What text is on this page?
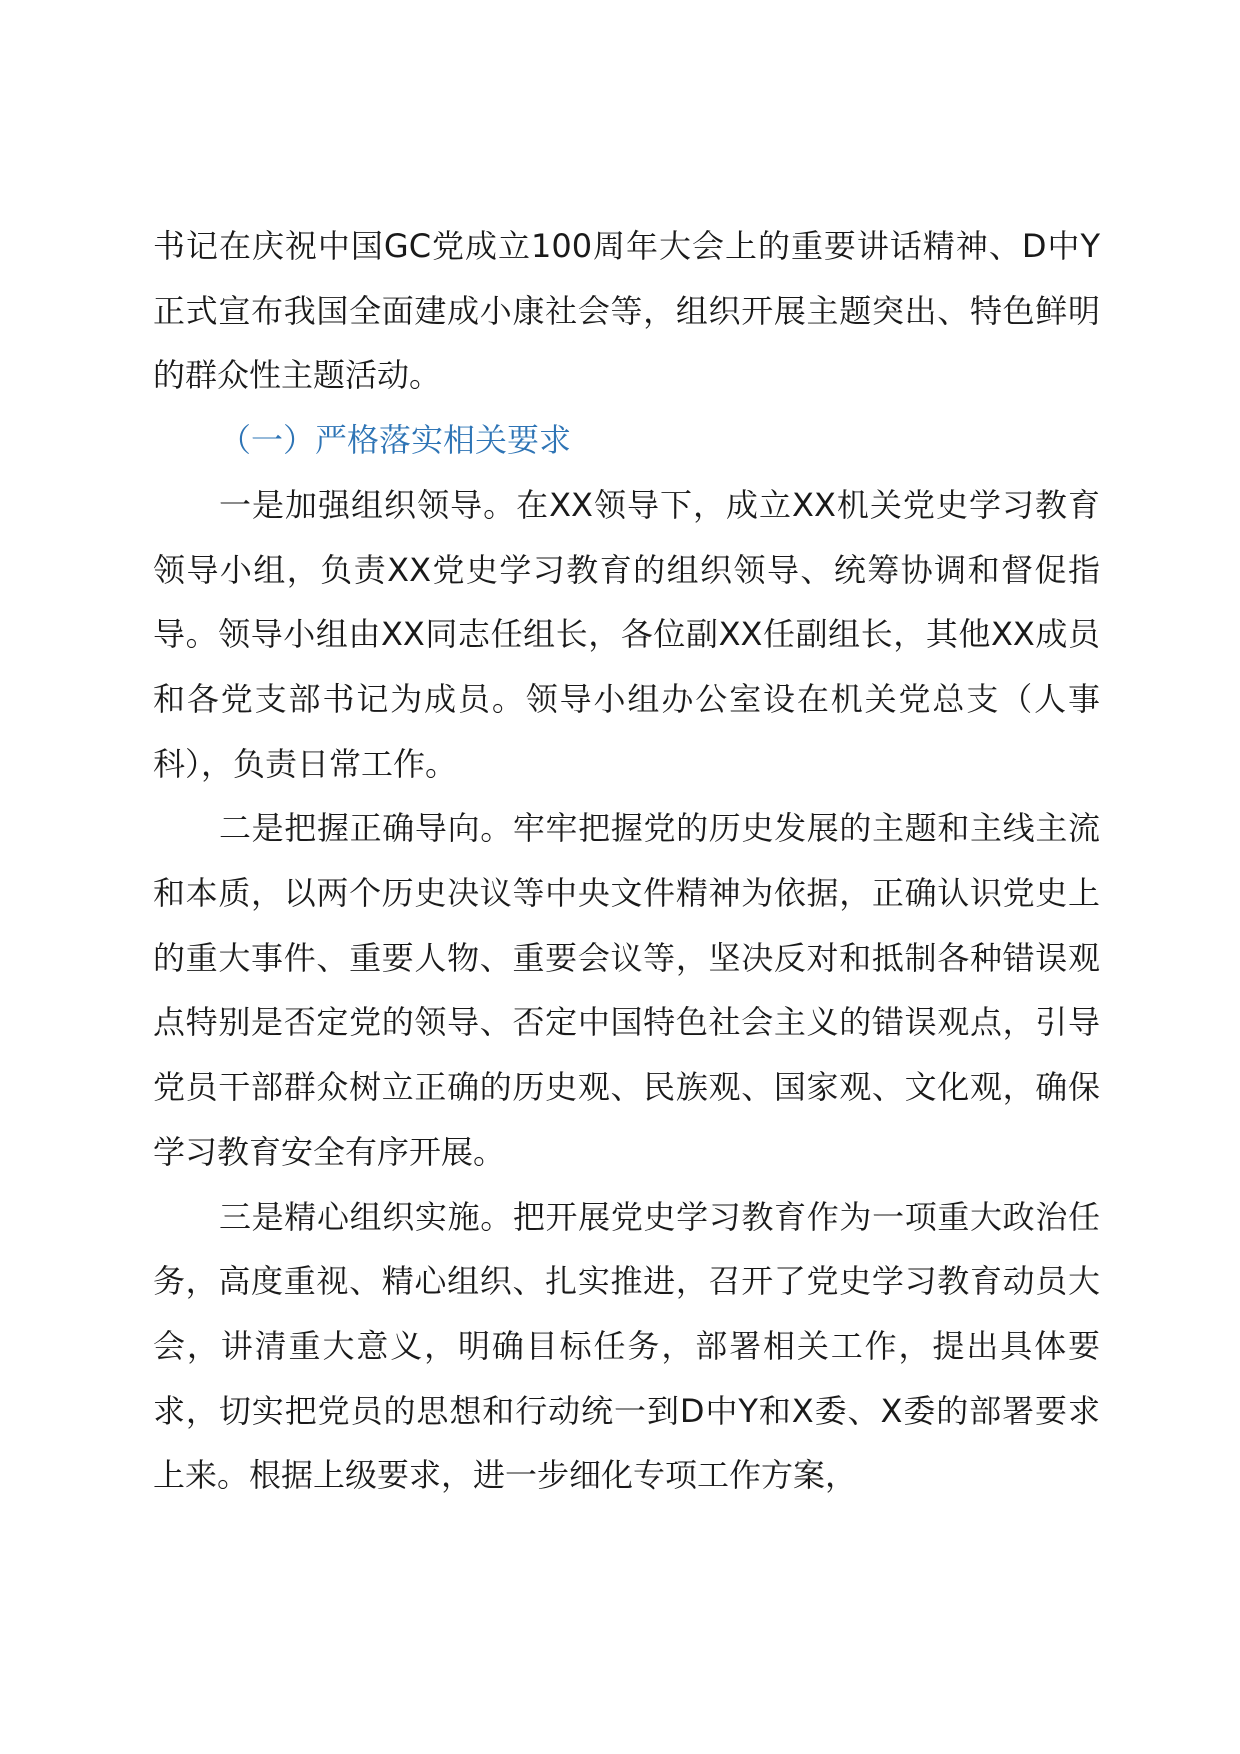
书记在庆祝中国GC党成立100周年大会上的重要讲话精神、D中Y正式宣布我国全面建成小康社会等，组织开展主题突出、特色鲜明的群众性主题活动。

（一）严格落实相关要求

一是加强组织领导。在XX领导下，成立XX机关党史学习教育领导小组，负责XX党史学习教育的组织领导、统筹协调和督促指导。领导小组由XX同志任组长，各位副XX任副组长，其他XX成员和各党支部书记为成员。领导小组办公室设在机关党总支（人事科），负责日常工作。

二是把握正确导向。牢牢把握党的历史发展的主题和主线主流和本质，以两个历史决议等中央文件精神为依据，正确认识党史上的重大事件、重要人物、重要会议等，坚决反对和抵制各种错误观点特别是否定党的领导、否定中国特色社会主义的错误观点，引导党员干部群众树立正确的历史观、民族观、国家观、文化观，确保学习教育安全有序开展。

三是精心组织实施。把开展党史学习教育作为一项重大政治任务，高度重视、精心组织、扎实推进，召开了党史学习教育动员大会，讲清重大意义，明确目标任务，部署相关工作，提出具体要求，切实把党员的思想和行动统一到D中Y和X委、X委的部署要求上来。根据上级要求，进一步细化专项工作方案，
